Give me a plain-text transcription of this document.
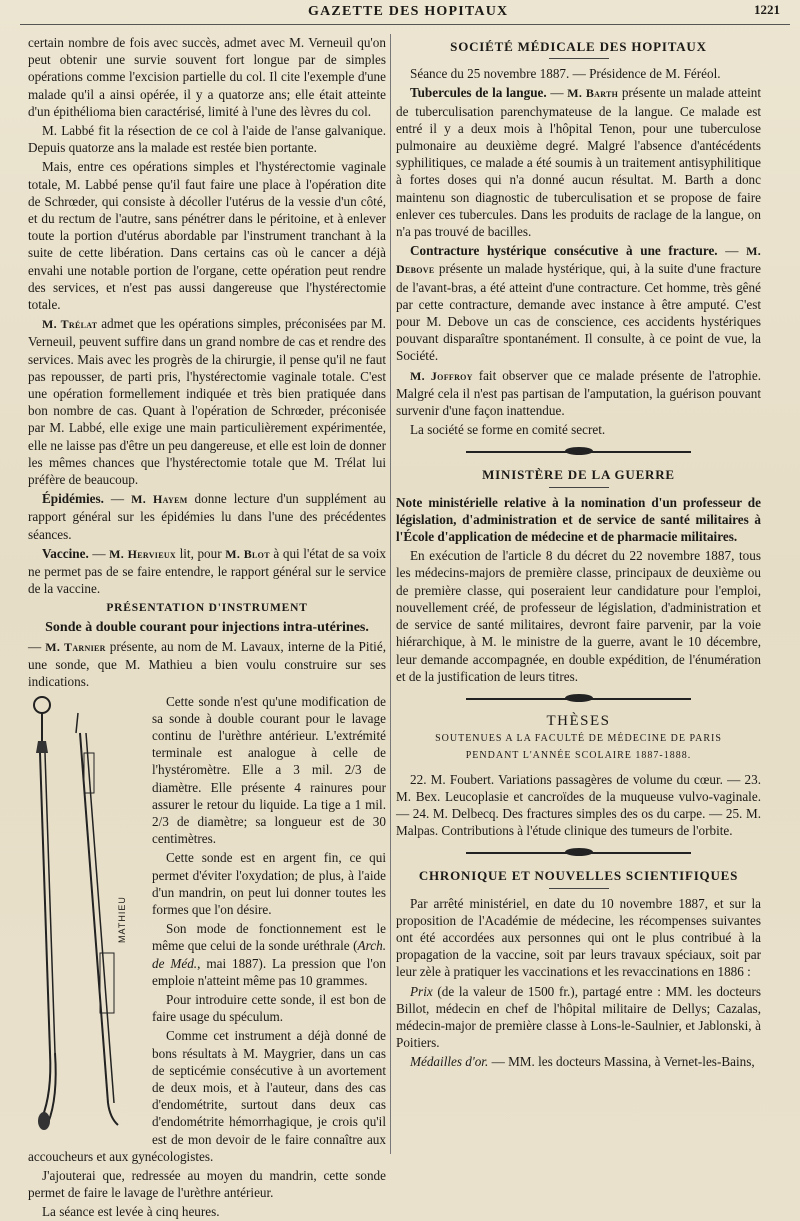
GAZETTE DES HOPITAUX	1221

certain nombre de fois avec succès, admet avec M. Verneuil qu'on peut obtenir une survie souvent fort longue par de simples opérations comme l'excision partielle du col. Il cite l'exemple d'une malade qu'il a ainsi opérée, il y a quatorze ans; elle était atteinte d'un épithélioma bien caractérisé, limité à l'une des lèvres du col.

M. Labbé fit la résection de ce col à l'aide de l'anse galvanique. Depuis quatorze ans la malade est restée bien portante.

Mais, entre ces opérations simples et l'hystérectomie vaginale totale, M. Labbé pense qu'il faut faire une place à l'opération dite de Schrœder, qui consiste à décoller l'utérus de la vessie d'un côté, et du rectum de l'autre, sans pénétrer dans le péritoine, et à enlever toute la portion d'utérus abordable par l'instrument tranchant à la suite de cette libération. Dans certains cas où le cancer a déjà envahi une notable portion de l'organe, cette opération peut rendre des services, et n'est pas aussi dangereuse que l'hystérectomie totale.

M. Trélat admet que les opérations simples, préconisées par M. Verneuil, peuvent suffire dans un grand nombre de cas et rendre des services. Mais avec les progrès de la chirurgie, il pense qu'il ne faut pas repousser, de parti pris, l'hystérectomie vaginale totale. C'est une opération formellement indiquée et très bien pratiquée dans bon nombre de cas. Quant à l'opération de Schrœder, préconisée par M. Labbé, elle exige une main particulièrement expérimentée, elle ne laisse pas d'être un peu dangereuse, et elle est loin de donner les mêmes chances que l'hystérectomie totale que M. Trélat lui préfère de beaucoup.

Épidémies. — M. Hayem donne lecture d'un supplément au rapport général sur les épidémies lu dans l'une des précédentes séances.

Vaccine. — M. Hervieux lit, pour M. Blot à qui l'état de sa voix ne permet pas de se faire entendre, le rapport général sur le service de la vaccine.

PRÉSENTATION D'INSTRUMENT
Sonde à double courant pour injections intra-utérines.

— M. Tarnier présente, au nom de M. Lavaux, interne de la Pitié, une sonde, que M. Mathieu a bien voulu construire sur ses indications.

MATHIEU

Cette sonde n'est qu'une modification de sa sonde à double courant pour le lavage continu de l'urèthre antérieur. L'extrémité terminale est analogue à celle de l'hystéromètre. Elle a 3 mil. 2/3 de diamètre. Elle présente 4 rainures pour assurer le retour du liquide. La tige a 1 mil. 2/3 de diamètre; sa longueur est de 30 centimètres.

Cette sonde est en argent fin, ce qui permet d'éviter l'oxydation; de plus, à l'aide d'un mandrin, on peut lui donner toutes les formes que l'on désire.

Son mode de fonctionnement est le même que celui de la sonde uréthrale (Arch. de Méd., mai 1887). La pression que l'on emploie n'atteint même pas 10 grammes.

Pour introduire cette sonde, il est bon de faire usage du spéculum.

Comme cet instrument a déjà donné de bons résultats à M. Maygrier, dans un cas de septicémie consécutive à un avortement de deux mois, et à l'auteur, dans des cas d'endométrite, surtout dans deux cas d'endométrite hémorrhagique, je crois qu'il est de mon devoir de le faire connaître aux accoucheurs et aux gynécologistes.

J'ajouterai que, redressée au moyen du mandrin, cette sonde permet de faire le lavage de l'urèthre antérieur.

La séance est levée à cinq heures.

SOCIÉTÉ MÉDICALE DES HOPITAUX

Séance du 25 novembre 1887. — Présidence de M. Féréol.

Tubercules de la langue. — M. Barth présente un malade atteint de tuberculisation parenchymateuse de la langue. Ce malade est entré il y a deux mois à l'hôpital Tenon, pour une tuberculose pulmonaire au deuxième degré. Malgré l'absence d'antécédents syphilitiques, ce malade a été soumis à un traitement antisyphilitique à fortes doses qui n'a donné aucun résultat. M. Barth a donc maintenu son diagnostic de tuberculisation et se propose de faire enlever ces tubercules. Dans les produits de raclage de la langue, on n'a pas trouvé de bacilles.

Contracture hystérique consécutive à une fracture. — M. Debove présente un malade hystérique, qui, à la suite d'une fracture de l'avant-bras, a été atteint d'une contracture. Cet homme, très gêné par cette contracture, demande avec instance à être amputé. C'est pour M. Debove un cas de conscience, ces accidents hystériques pouvant disparaître spontanément. Il consulte, à ce point de vue, la Société.

M. Joffroy fait observer que ce malade présente de l'atrophie. Malgré cela il n'est pas partisan de l'amputation, la guérison pouvant survenir d'une façon inattendue.

La société se forme en comité secret.

MINISTÈRE DE LA GUERRE

Note ministérielle relative à la nomination d'un professeur de législation, d'administration et de service de santé militaires à l'École d'application de médecine et de pharmacie militaires.

En exécution de l'article 8 du décret du 22 novembre 1887, tous les médecins-majors de première classe, principaux de deuxième ou de première classe, qui poseraient leur candidature pour l'emploi, nouvellement créé, de professeur de législation, d'administration et de service de santé militaires, devront faire parvenir, par la voie hiérarchique, à M. le ministre de la guerre, avant le 10 décembre, leur demande accompagnée, en double expédition, de l'énumération et de la justification de leurs titres.

THÈSES
SOUTENUES A LA FACULTÉ DE MÉDECINE DE PARIS
PENDANT L'ANNÉE SCOLAIRE 1887-1888.

22. M. Foubert. Variations passagères de volume du cœur. — 23. M. Bex. Leucoplasie et cancroïdes de la muqueuse vulvo-vaginale. — 24. M. Delbecq. Des fractures simples des os du carpe. — 25. M. Malpas. Contributions à l'étude clinique des tumeurs de l'orbite.

CHRONIQUE ET NOUVELLES SCIENTIFIQUES

Par arrêté ministériel, en date du 10 novembre 1887, et sur la proposition de l'Académie de médecine, les récompenses suivantes ont été accordées aux personnes qui ont le plus contribué à la propagation de la vaccine, soit par leurs travaux spéciaux, soit par leur zèle à pratiquer les vaccinations et les revaccinations en 1886 :

Prix (de la valeur de 1500 fr.), partagé entre : MM. les docteurs Billot, médecin en chef de l'hôpital militaire de Dellys; Cazalas, médecin-major de première classe à Lons-le-Saulnier, et Jablonski, à Poitiers.

Médailles d'or. — MM. les docteurs Massina, à Vernet-les-Bains,
